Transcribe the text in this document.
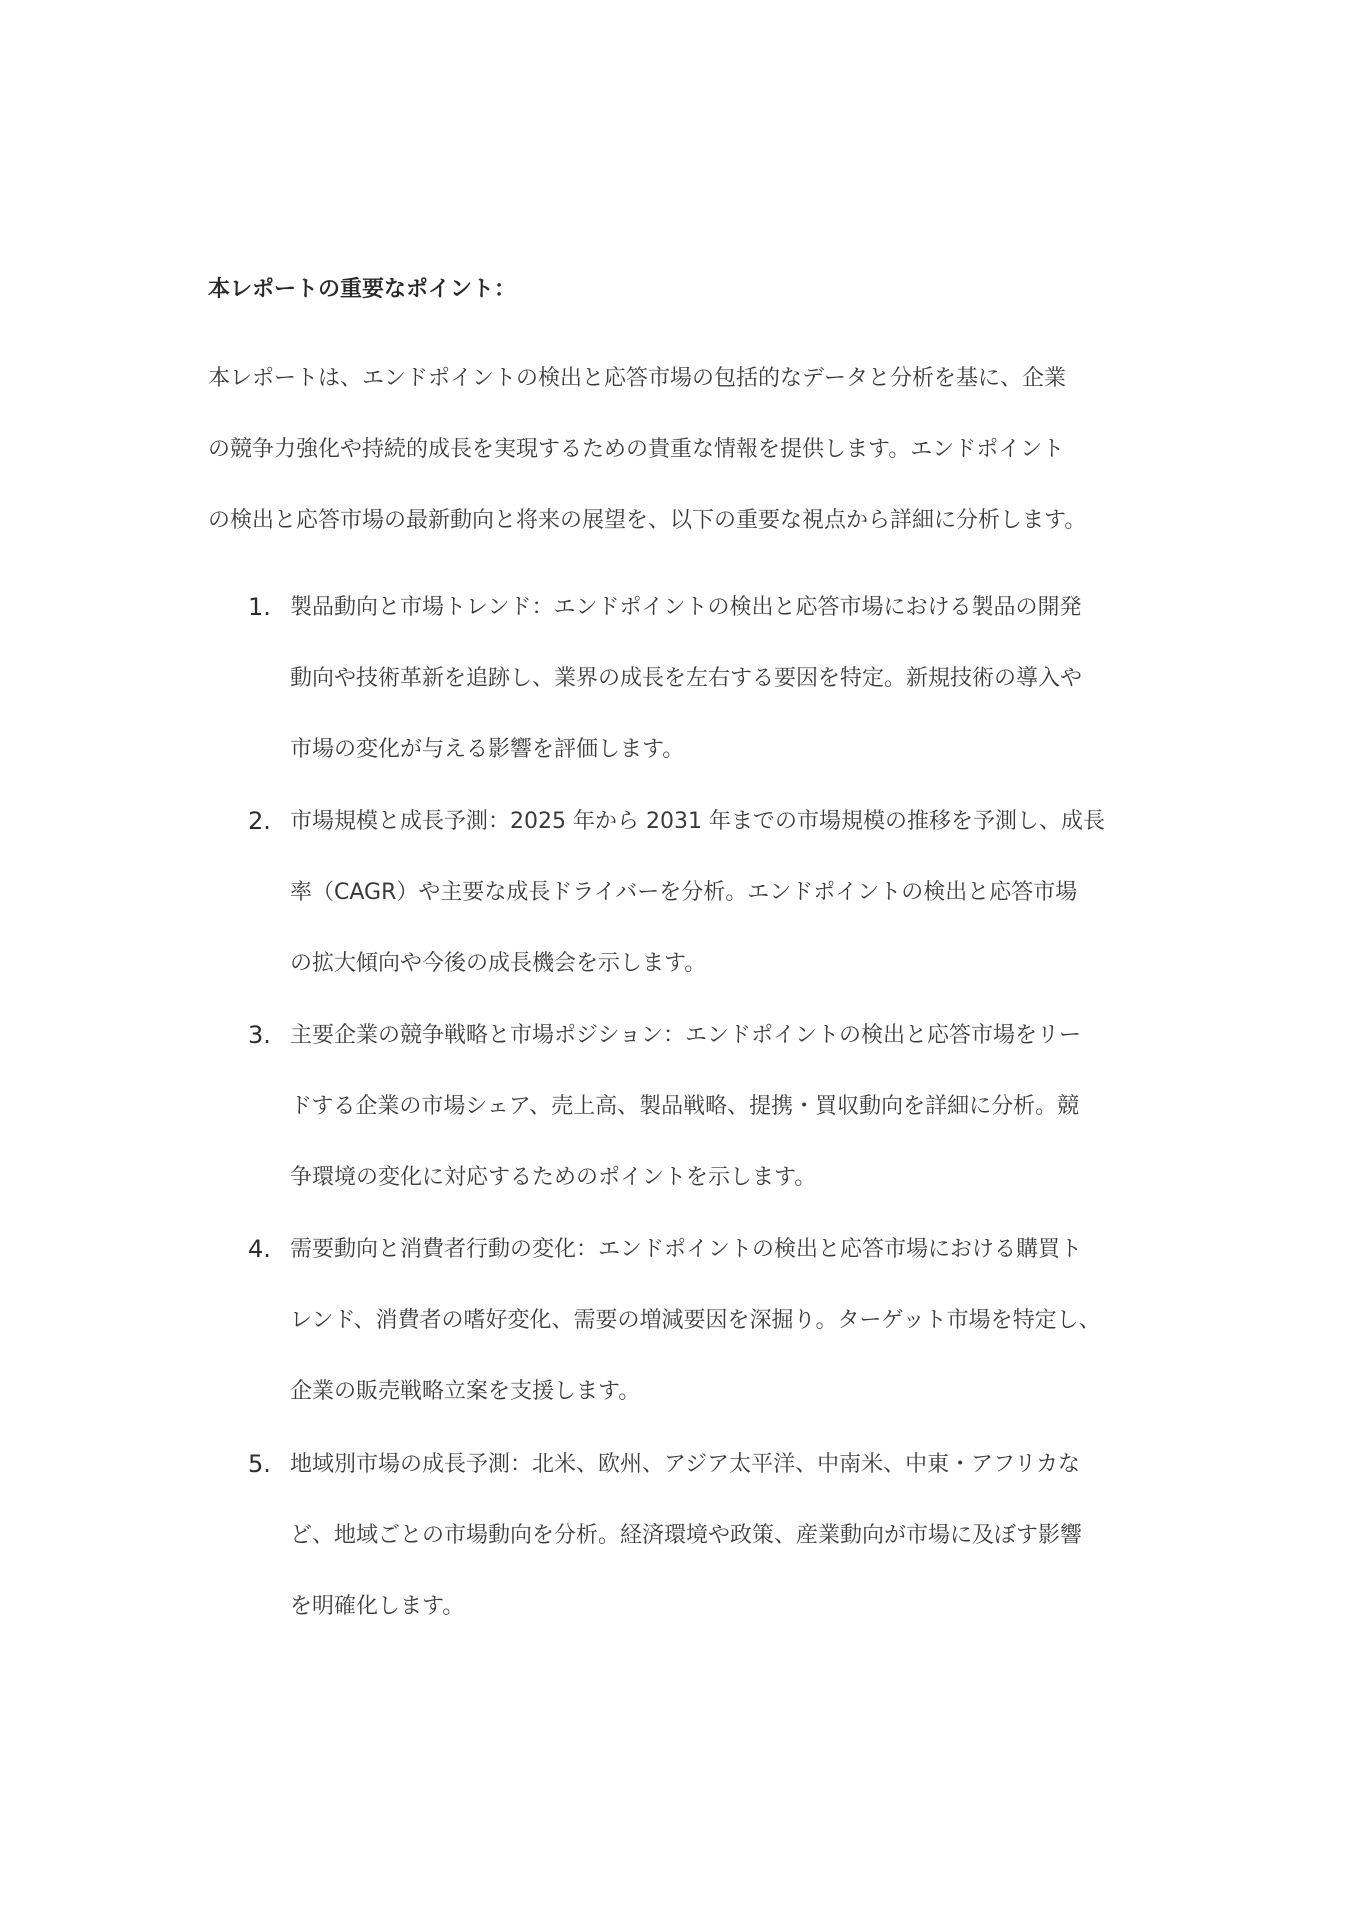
本レポートの重要なポイント：
本レポートは、エンドポイントの検出と応答市場の包括的なデータと分析を基に、企業
の競争力強化や持続的成長を実現するための貴重な情報を提供します。エンドポイント
の検出と応答市場の最新動向と将来の展望を、以下の重要な視点から詳細に分析します。
1. 製品動向と市場トレンド：エンドポイントの検出と応答市場における製品の開発
動向や技術革新を追跡し、業界の成長を左右する要因を特定。新規技術の導入や
市場の変化が与える影響を評価します。
2. 市場規模と成長予測：2025 年から 2031 年までの市場規模の推移を予測し、成長
率（CAGR）や主要な成長ドライバーを分析。エンドポイントの検出と応答市場
の拡大傾向や今後の成長機会を示します。
3. 主要企業の競争戦略と市場ポジション：エンドポイントの検出と応答市場をリー
ドする企業の市場シェア、売上高、製品戦略、提携・買収動向を詳細に分析。競
争環境の変化に対応するためのポイントを示します。
4. 需要動向と消費者行動の変化：エンドポイントの検出と応答市場における購買ト
レンド、消費者の嗜好変化、需要の増減要因を深掘り。ターゲット市場を特定し、
企業の販売戦略立案を支援します。
5. 地域別市場の成長予測：北米、欧州、アジア太平洋、中南米、中東・アフリカな
ど、地域ごとの市場動向を分析。経済環境や政策、産業動向が市場に及ぼす影響
を明確化します。
